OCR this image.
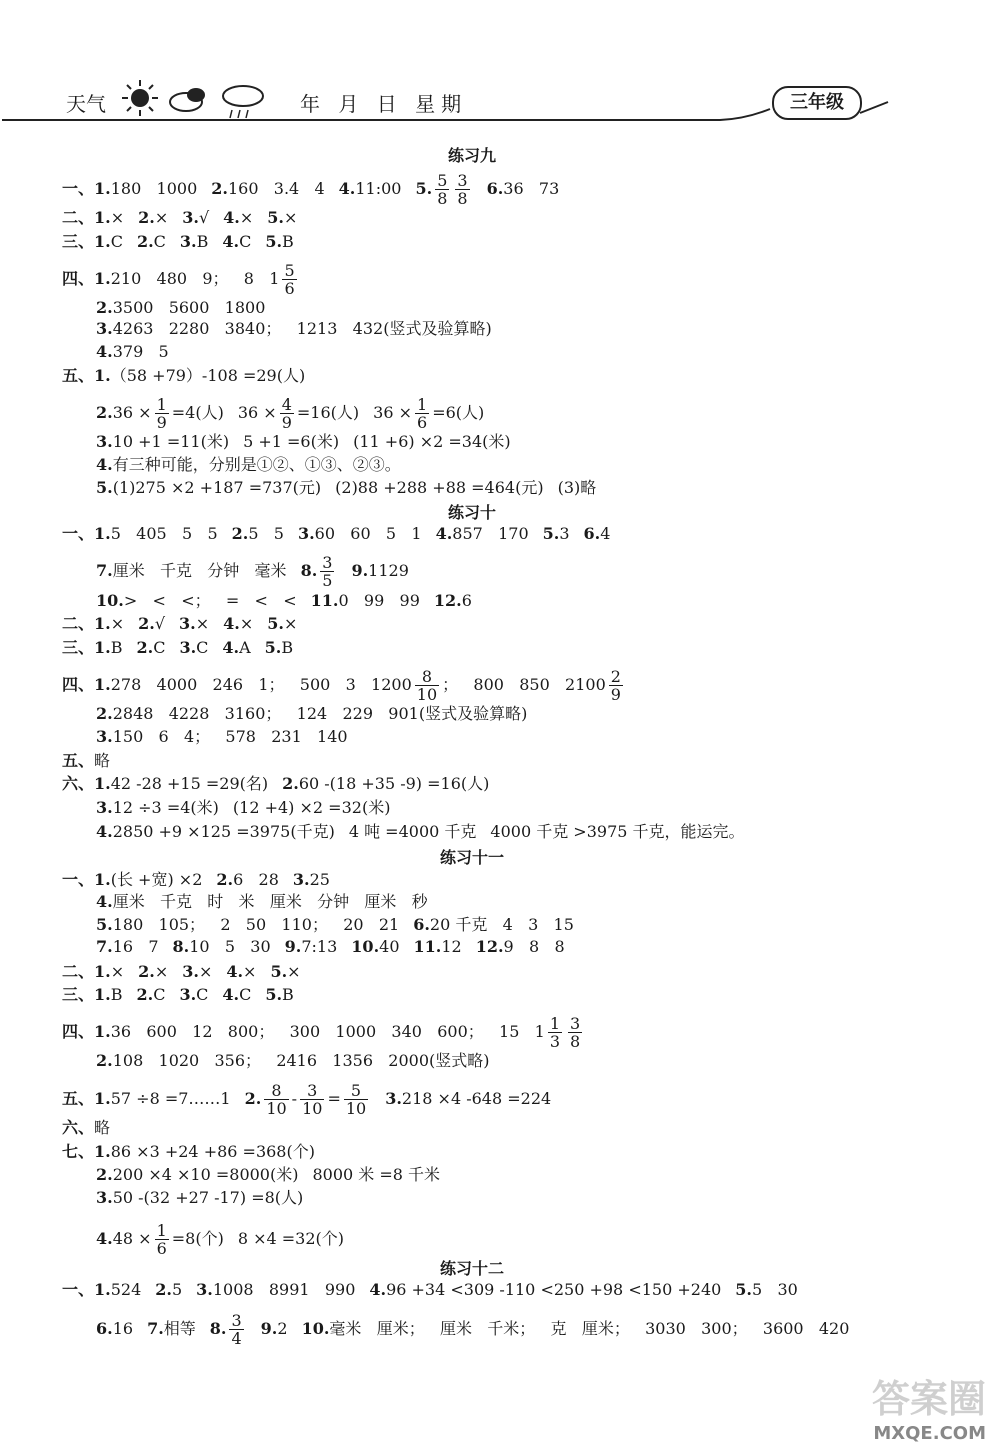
天气	年 月 日 星期	三年级
练习九
一、1.180 1000 2.160 3.4 4 4.11:00 5. $\frac{5}{8} \frac{3}{8} 6.36$ 73
二、1.× 2.× 3.√ 4.× 5.×
三、1.C 2.C 3.B 4.C 5.B
四、1.210 480 9； 8 $1 \frac{5}{6}$
2.3500 5600 1800
3.4263 2280 3840； 1213 432(竖式及验算略)
4.379 5
五、1.（58 +79）-108 =29(人)
$2.36 \times \frac{1}{9} =4$(人) $36 \times \frac{4}{9} =16$(人) $36 \times \frac{1}{6} =6$(人)
3.10 +1 =11(米) 5 +1 =6(米) (11 +6) ×2 =34(米)
4.有三种可能，分别是①②、①③、②③。
5.(1)275 ×2 +187 =737(元) (2)88 +288 +88 =464(元) (3)略
练习十
一、1.5 405 5 5 2.5 5 3.60 60 5 1 4.857 170 5.3 6.4
7.厘米 千克 分钟 毫米 8. $\frac{3}{5} 9.1129$
10.> < <； = < < 11.0 99 99 12.6
二、1.× 2.√ 3.× 4.× 5.×
三、1.B 2.C 3.C 4.A 5.B
四、1.278 4000 246 1； 500 3 $1200 \frac{8}{10}$ ； 800 850 $2100 \frac{2}{9}$
2.2848 4228 3160； 124 229 901(竖式及验算略)
3.150 6 4； 578 231 140
五、略
六、1.42 -28 +15 =29(名) 2.60 -(18 +35 -9) =16(人)
3.12 ÷3 =4(米) (12 +4) ×2 =32(米)
4.2850 +9 ×125 =3975(千克) 4 吨 =4000 千克 4000 千克 >3975 千克，能运完。
练习十一
一、1.(长 +宽) ×2 2.6 28 3.25
4.厘米 千克 时 米 厘米 分钟 厘米 秒
5.180 105； 2 50 110； 20 21 6.20 千克 4 3 15
7.16 7 8.10 5 30 9.7:13 10.40 11.12 12.9 8 8
二、1.× 2.× 3.× 4.× 5.×
三、1.B 2.C 3.C 4.C 5.B
四、1.36 600 12 800； 300 1000 340 600； 15 $1 \frac{1}{3} \frac{3}{8}$
2.108 1020 356； 2416 1356 2000(竖式略)
五、1.57 ÷8 =7……1 2. $\frac{8}{10} - \frac{3}{10} = \frac{5}{10} 3.218 \times 4$ -648 =224
六、略
七、1.86 ×3 +24 +86 =368(个)
2.200 ×4 ×10 =8000(米) 8000 米 =8 千米
3.50 -(32 +27 -17) =8(人)
$4.48 \times \frac{1}{6} =8$(个) 8 ×4 =32(个)
练习十二
一、1.524 2.5 3.1008 8991 990 4.96 +34 <309 -110 <250 +98 <150 +240 5.5 30
6.16 7.相等 8. $\frac{3}{4} 9.2$ 10.毫米 厘米； 厘米 千米； 克 厘米； 3030 300； 3600 420
答案圈
MXQE.COM
